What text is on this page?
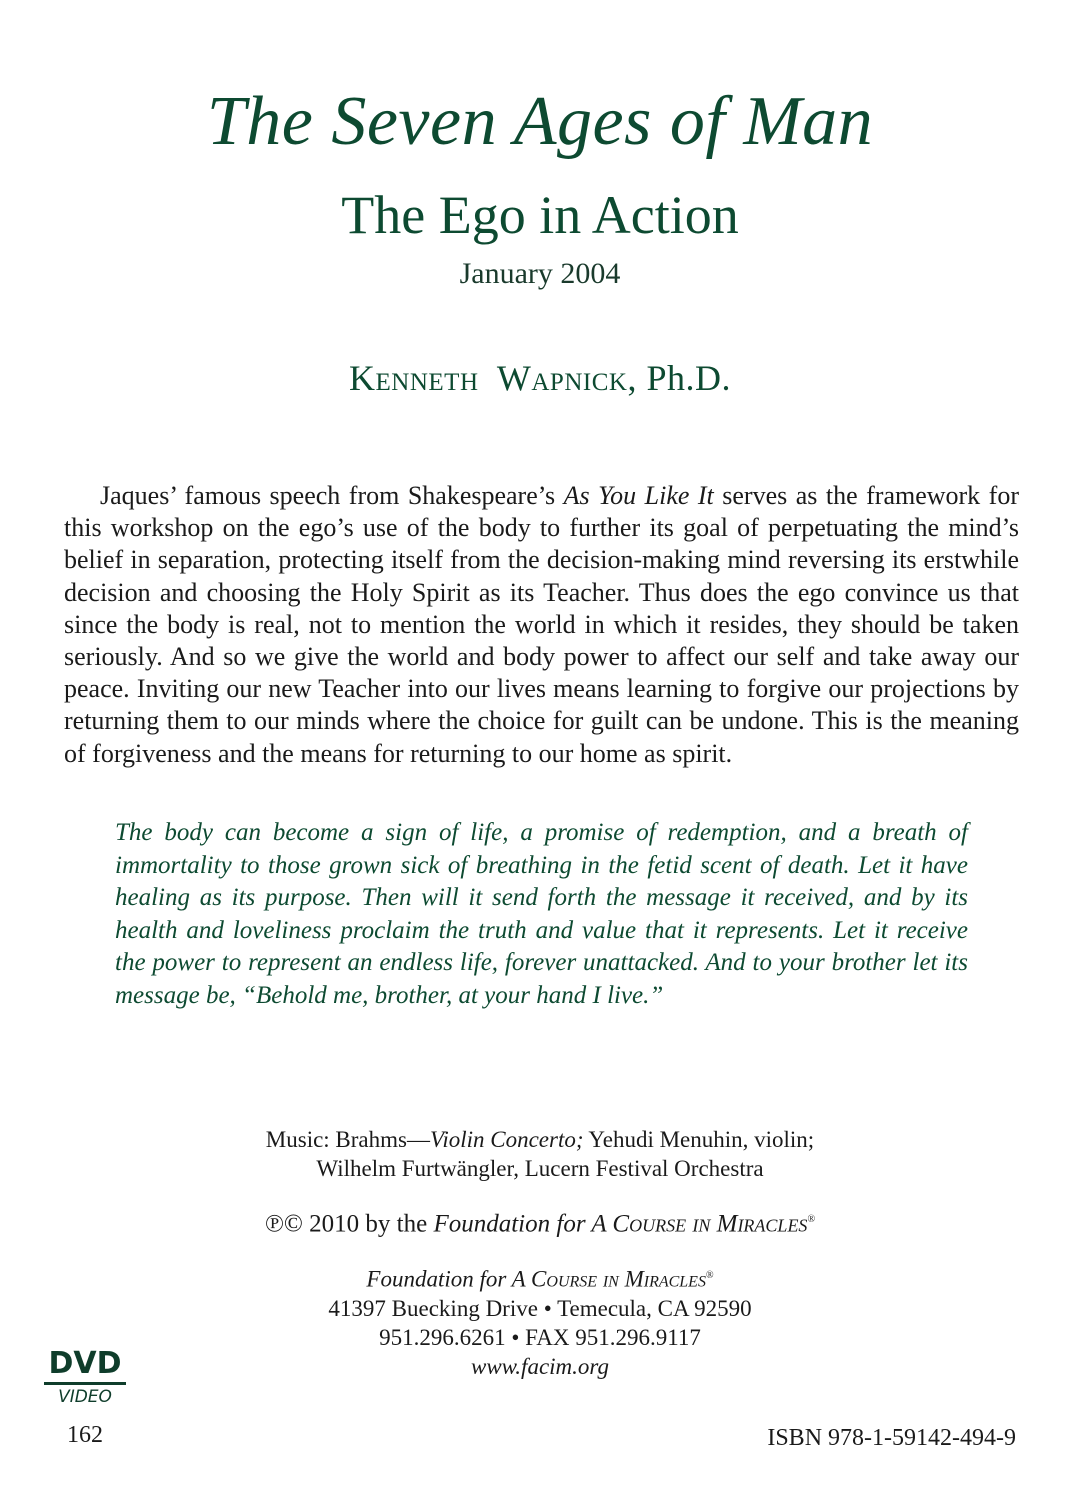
The Seven Ages of Man
The Ego in Action
January 2004
Kenneth Wapnick, Ph.D.

Jaques’ famous speech from Shakespeare’s As You Like It serves as the framework for this workshop on the ego’s use of the body to further its goal of perpetuating the mind’s belief in separation, protecting itself from the decision-making mind reversing its erstwhile decision and choosing the Holy Spirit as its Teacher. Thus does the ego convince us that since the body is real, not to mention the world in which it resides, they should be taken seriously. And so we give the world and body power to affect our self and take away our peace. Inviting our new Teacher into our lives means learning to forgive our projections by returning them to our minds where the choice for guilt can be undone. This is the meaning of forgiveness and the means for returning to our home as spirit.

The body can become a sign of life, a promise of redemption, and a breath of immortality to those grown sick of breathing in the fetid scent of death. Let it have healing as its purpose. Then will it send forth the message it received, and by its health and loveliness proclaim the truth and value that it represents. Let it receive the power to represent an endless life, forever unattacked. And to your brother let its message be, “Behold me, brother, at your hand I live.”

Music: Brahms—Violin Concerto; Yehudi Menuhin, violin;
Wilhelm Furtwängler, Lucern Festival Orchestra
℗© 2010 by the Foundation for A Course in Miracles®
Foundation for A Course in Miracles®
41397 Buecking Drive • Temecula, CA 92590
951.296.6261 • FAX 951.296.9117
www.facim.org
DVD
VIDEO
162	ISBN 978-1-59142-494-9
